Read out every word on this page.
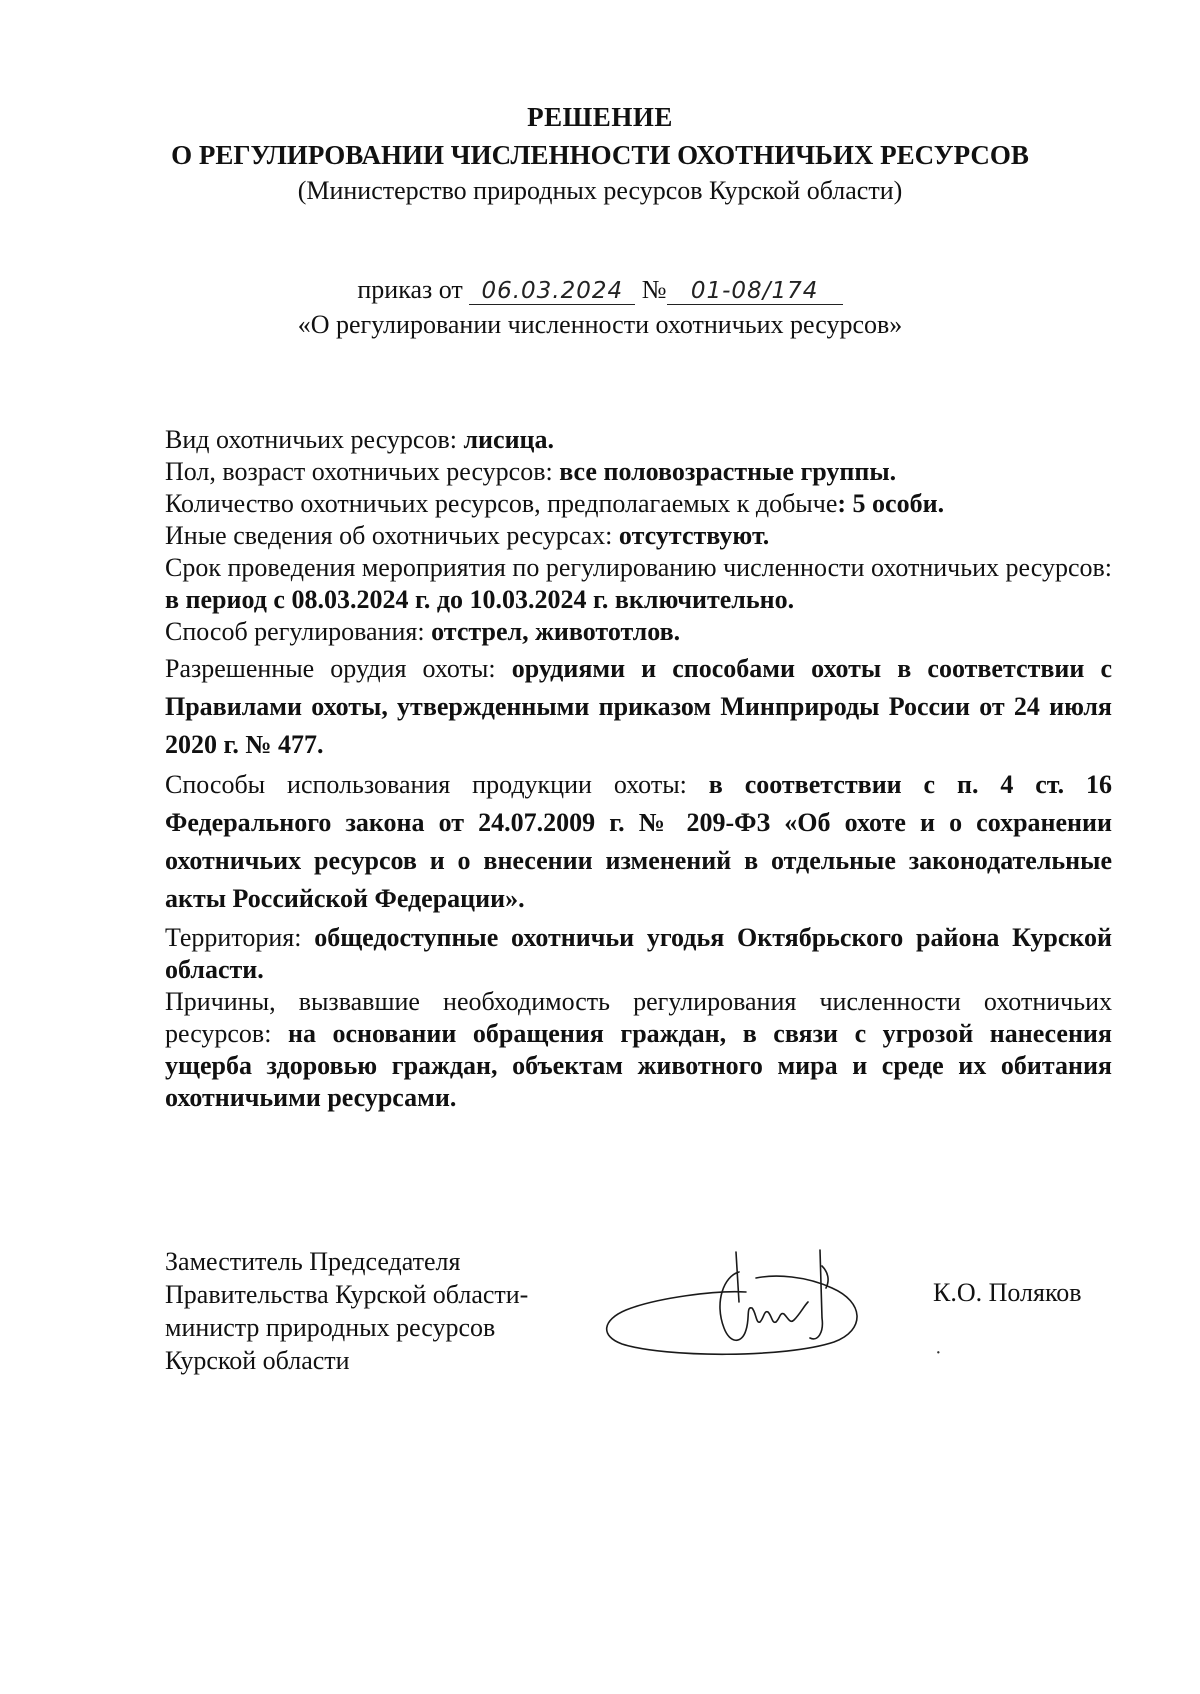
РЕШЕНИЕ
О РЕГУЛИРОВАНИИ ЧИСЛЕННОСТИ ОХОТНИЧЬИХ РЕСУРСОВ
(Министерство природных ресурсов Курской области)
приказ от 06.03.2024 № 01-08/174
«О регулировании численности охотничьих ресурсов»

Вид охотничьих ресурсов: лисица.

Пол, возраст охотничьих ресурсов: все половозрастные группы.

Количество охотничьих ресурсов, предполагаемых к добыче: 5 особи.

Иные сведения об охотничьих ресурсах: отсутствуют.

Срок проведения мероприятия по регулированию численности охотничьих ресурсов: в период с 08.03.2024 г. до 10.03.2024 г. включительно.

Способ регулирования: отстрел, живототлов.

Разрешенные орудия охоты: орудиями и способами охоты в соответствии с Правилами охоты, утвержденными приказом Минприроды России от 24 июля 2020 г. № 477.

Способы использования продукции охоты: в соответствии с п. 4 ст. 16 Федерального закона от 24.07.2009 г. № 209-ФЗ «Об охоте и о сохранении охотничьих ресурсов и о внесении изменений в отдельные законодательные акты Российской Федерации».

Территория: общедоступные охотничьи угодья Октябрьского района Курской области.

Причины, вызвавшие необходимость регулирования численности охотничьих ресурсов: на основании обращения граждан, в связи с угрозой нанесения ущерба здоровью граждан, объектам животного мира и среде их обитания охотничьими ресурсами.

Заместитель Председателя
Правительства Курской области-
министр природных ресурсов
Курской области
К.О. Поляков
·
